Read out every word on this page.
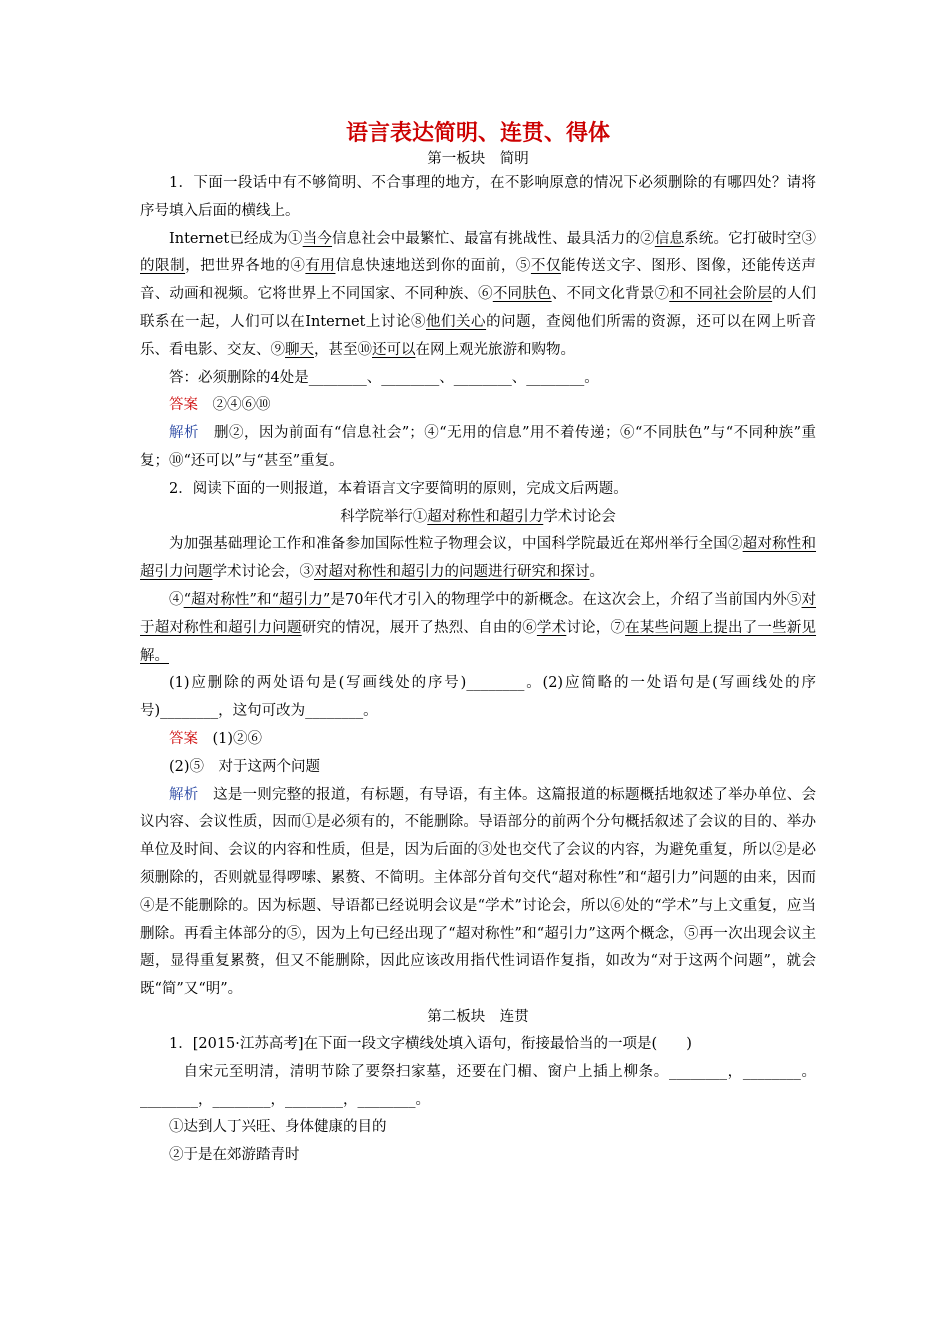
语言表达简明、连贯、得体

第一板块　简明

1．下面一段话中有不够简明、不合事理的地方，在不影响原意的情况下必须删除的有哪四处？请将序号填入后面的横线上。

Internet已经成为①当今信息社会中最繁忙、最富有挑战性、最具活力的②信息系统。它打破时空③的限制，把世界各地的④有用信息快速地送到你的面前，⑤不仅能传送文字、图形、图像，还能传送声音、动画和视频。它将世界上不同国家、不同种族、⑥不同肤色、不同文化背景⑦和不同社会阶层的人们联系在一起，人们可以在Internet上讨论⑧他们关心的问题，查阅他们所需的资源，还可以在网上听音乐、看电影、交友、⑨聊天，甚至⑩还可以在网上观光旅游和购物。

答：必须删除的4处是________、________、________、________。

答案　 ②④⑥⑩

解析　 删②，因为前面有“信息社会”；④“无用的信息”用不着传递；⑥“不同肤色”与“不同种族”重复；⑩“还可以”与“甚至”重复。

2．阅读下面的一则报道，本着语言文字要简明的原则，完成文后两题。

科学院举行①超对称性和超引力学术讨论会

为加强基础理论工作和准备参加国际性粒子物理会议，中国科学院最近在郑州举行全国②超对称性和超引力问题学术讨论会，③对超对称性和超引力的问题进行研究和探讨。

④“超对称性”和“超引力”是70年代才引入的物理学中的新概念。在这次会上，介绍了当前国内外⑤对于超对称性和超引力问题研究的情况，展开了热烈、自由的⑥学术讨论，⑦在某些问题上提出了一些新见解。

(1)应删除的两处语句是(写画线处的序号)________。(2)应简略的一处语句是(写画线处的序号)________，这句可改为________。

答案　 (1)②⑥

(2)⑤　对于这两个问题

解析　 这是一则完整的报道，有标题，有导语，有主体。这篇报道的标题概括地叙述了举办单位、会议内容、会议性质，因而①是必须有的，不能删除。导语部分的前两个分句概括叙述了会议的目的、举办单位及时间、会议的内容和性质，但是，因为后面的③处也交代了会议的内容，为避免重复，所以②是必须删除的，否则就显得啰嗦、累赘、不简明。主体部分首句交代“超对称性”和“超引力”问题的由来，因而④是不能删除的。因为标题、导语都已经说明会议是“学术”讨论会，所以⑥处的“学术”与上文重复，应当删除。再看主体部分的⑤，因为上句已经出现了“超对称性”和“超引力”这两个概念，⑤再一次出现会议主题，显得重复累赘，但又不能删除，因此应该改用指代性词语作复指，如改为“对于这两个问题”，就会既“简”又“明”。

第二板块　连贯

1．[2015·江苏高考]在下面一段文字横线处填入语句，衔接最恰当的一项是(　　)

自宋元至明清，清明节除了要祭扫家墓，还要在门楣、窗户上插上柳条。________，________。________，________，________，________。

①达到人丁兴旺、身体健康的目的

②于是在郊游踏青时
